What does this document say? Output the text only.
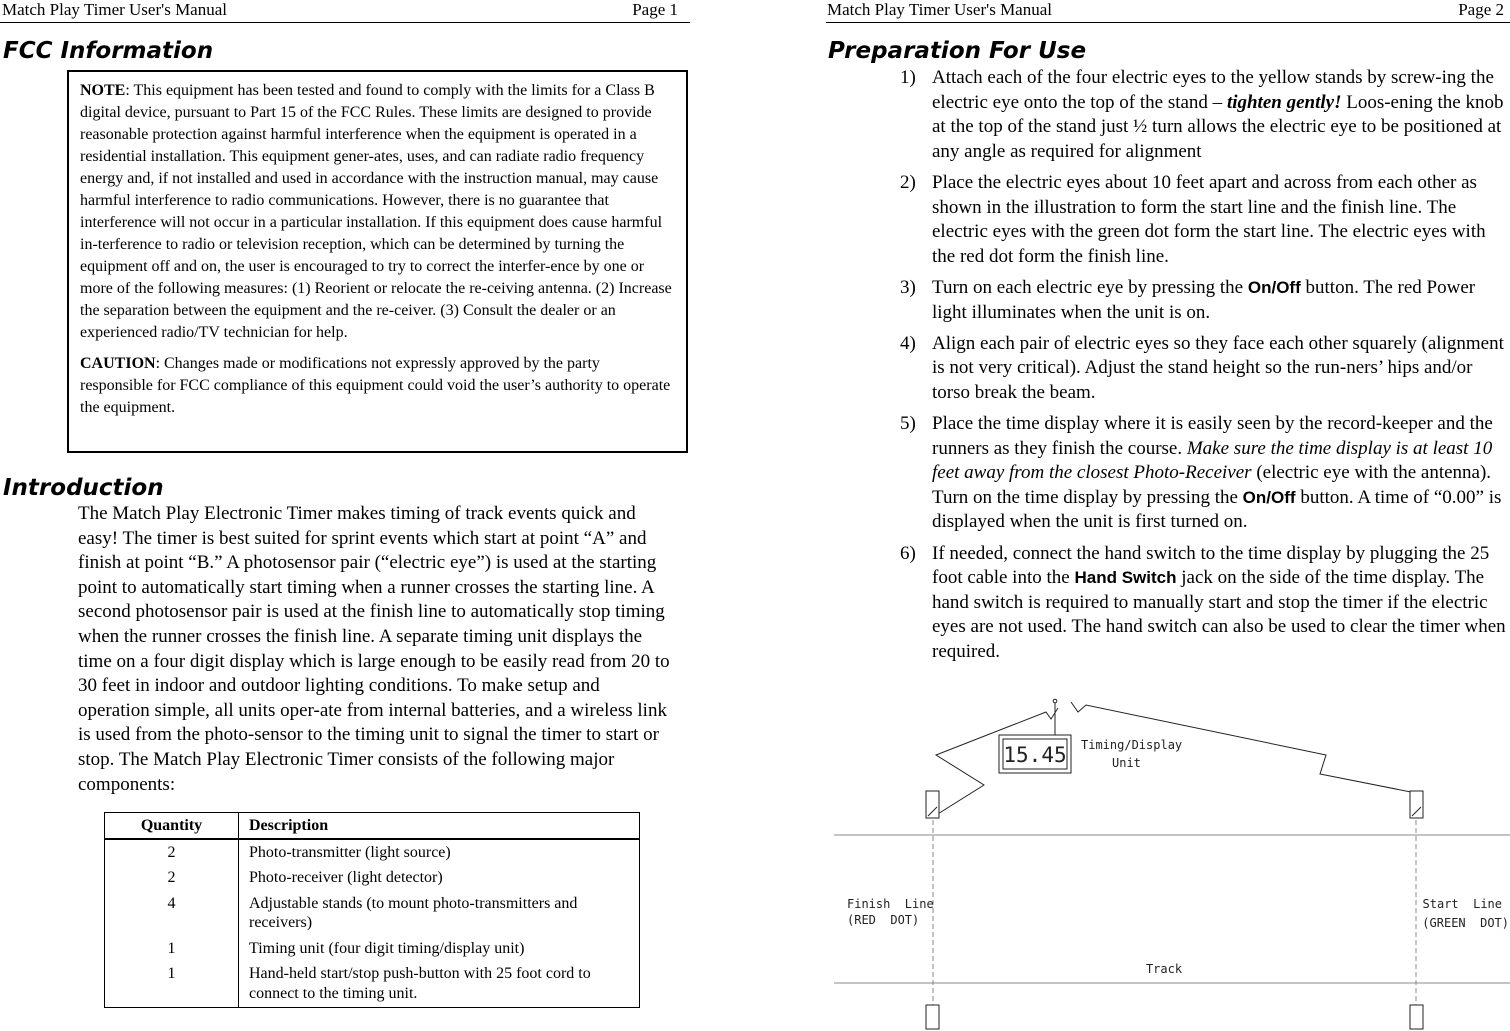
Match Play Timer User's Manual	Page 1
FCC Information

NOTE: This equipment has been tested and found to comply with the limits for a Class B digital device, pursuant to Part 15 of the FCC Rules. These limits are designed to provide reasonable protection against harmful interference when the equipment is operated in a residential installation. This equipment gener-ates, uses, and can radiate radio frequency energy and, if not installed and used in accordance with the instruction manual, may cause harmful interference to radio communications. However, there is no guarantee that interference will not occur in a particular installation. If this equipment does cause harmful in-terference to radio or television reception, which can be determined by turning the equipment off and on, the user is encouraged to try to correct the interfer-ence by one or more of the following measures: (1) Reorient or relocate the re-ceiving antenna. (2) Increase the separation between the equipment and the re-ceiver. (3) Consult the dealer or an experienced radio/TV technician for help.

CAUTION: Changes made or modifications not expressly approved by the party responsible for FCC compliance of this equipment could void the user’s authority to operate the equipment.

Introduction

The Match Play Electronic Timer makes timing of track events quick and easy! The timer is best suited for sprint events which start at point “A” and finish at point “B.” A photosensor pair (“electric eye”) is used at the starting point to automatically start timing when a runner crosses the starting line. A second photosensor pair is used at the finish line to automatically stop timing when the runner crosses the finish line. A separate timing unit displays the time on a four digit display which is large enough to be easily read from 20 to 30 feet in indoor and outdoor lighting conditions. To make setup and operation simple, all units oper-ate from internal batteries, and a wireless link is used from the photo-sensor to the timing unit to signal the timer to start or stop. The Match Play Electronic Timer consists of the following major components:

Quantity	Description
2	Photo-transmitter (light source)
2	Photo-receiver (light detector)
4	Adjustable stands (to mount photo-transmitters and receivers)
1	Timing unit (four digit timing/display unit)
1	Hand-held start/stop push-button with 25 foot cord to connect to the timing unit.
Match Play Timer User's Manual	Page 2
Preparation For Use
1) Attach each of the four electric eyes to the yellow stands by screw-ing the electric eye onto the top of the stand – tighten gently! Loos-ening the knob at the top of the stand just ½ turn allows the electric eye to be positioned at any angle as required for alignment
2) Place the electric eyes about 10 feet apart and across from each other as shown in the illustration to form the start line and the finish line. The electric eyes with the green dot form the start line. The electric eyes with the red dot form the finish line.
3) Turn on each electric eye by pressing the On/Off button. The red Power light illuminates when the unit is on.
4) Align each pair of electric eyes so they face each other squarely (alignment is not very critical). Adjust the stand height so the run-ners’ hips and/or torso break the beam.
5) Place the time display where it is easily seen by the record-keeper and the runners as they finish the course. Make sure the time display is at least 10 feet away from the closest Photo-Receiver (electric eye with the antenna). Turn on the time display by pressing the On/Off button. A time of “0.00” is displayed when the unit is first turned on.
6) If needed, connect the hand switch to the time display by plugging the 25 foot cable into the Hand Switch jack on the side of the time display. The hand switch is required to manually start and stop the timer if the electric eyes are not used. The hand switch can also be used to clear the timer when required.
15.45 Timing/Display
Unit
Finish  Line
(RED  DOT)
Start  Line
(GREEN  DOT)
Track
